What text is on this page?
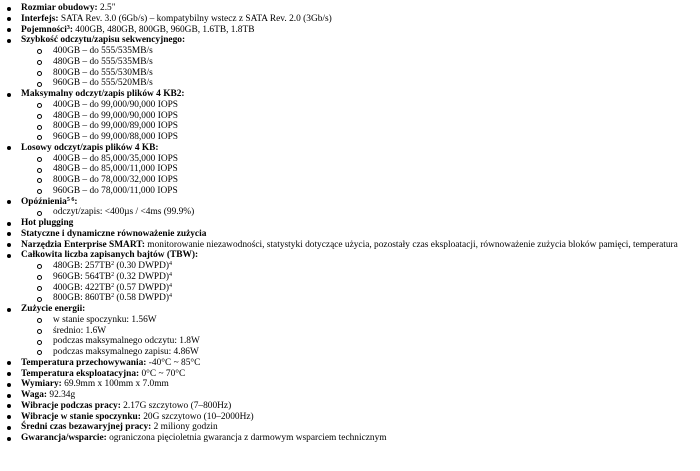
Rozmiar obudowy: 2.5"
Interfejs: SATA Rev. 3.0 (6Gb/s) – kompatybilny wstecz z SATA Rev. 2.0 (3Gb/s)
Pojemności$^3$: 400GB, 480GB, 800GB, 960GB, 1.6TB, 1.8TB
Szybkość odczytu/zapisu sekwencyjnego:
400GB – do 555/535MB/s
480GB – do 555/535MB/s
800GB – do 555/530MB/s
960GB – do 555/520MB/s
Maksymalny odczyt/zapis plików 4 KB2:
400GB – do 99,000/90,000 IOPS
480GB – do 99,000/90,000 IOPS
800GB – do 99,000/89,000 IOPS
960GB – do 99,000/88,000 IOPS
Losowy odczyt/zapis plików 4 KB:
400GB – do 85,000/35,000 IOPS
480GB – do 85,000/11,000 IOPS
800GB – do 78,000/32,000 IOPS
960GB – do 78,000/11,000 IOPS
Opóźnienia$^{5 6}$:
odczyt/zapis: <400µs / <4ms (99.9%)
Hot plugging
Statyczne i dynamiczne równoważenie zużycia
Narzędzia Enterprise SMART: monitorowanie niezawodności, statystyki dotyczące użycia, pozostały czas eksploatacji, równoważenie zużycia bloków pamięci, temperatura
Całkowita liczba zapisanych bajtów (TBW):
480GB: $257TB^2$ (0.30 DWPD)$^4$
960GB: $564TB^2$ (0.32 DWPD)$^4$
400GB: $422TB^2$ (0.57 DWPD)$^4$
800GB: $860TB^2$ (0.58 DWPD)$^4$
Zużycie energii:
w stanie spoczynku: 1.56W
średnio: 1.6W
podczas maksymalnego odczytu: 1.8W
podczas maksymalnego zapisu: 4.86W
Temperatura przechowywania: -40°C ~ 85°C
Temperatura eksploatacyjna: 0°C ~ 70°C
Wymiary: 69.9mm x 100mm x 7.0mm
Waga: 92.34g
Wibracje podczas pracy: 2.17G szczytowo (7–800Hz)
Wibracje w stanie spoczynku: 20G szczytowo (10–2000Hz)
Średni czas bezawaryjnej pracy: 2 miliony godzin
Gwarancja/wsparcie: ograniczona pięcioletnia gwarancja z darmowym wsparciem technicznym
